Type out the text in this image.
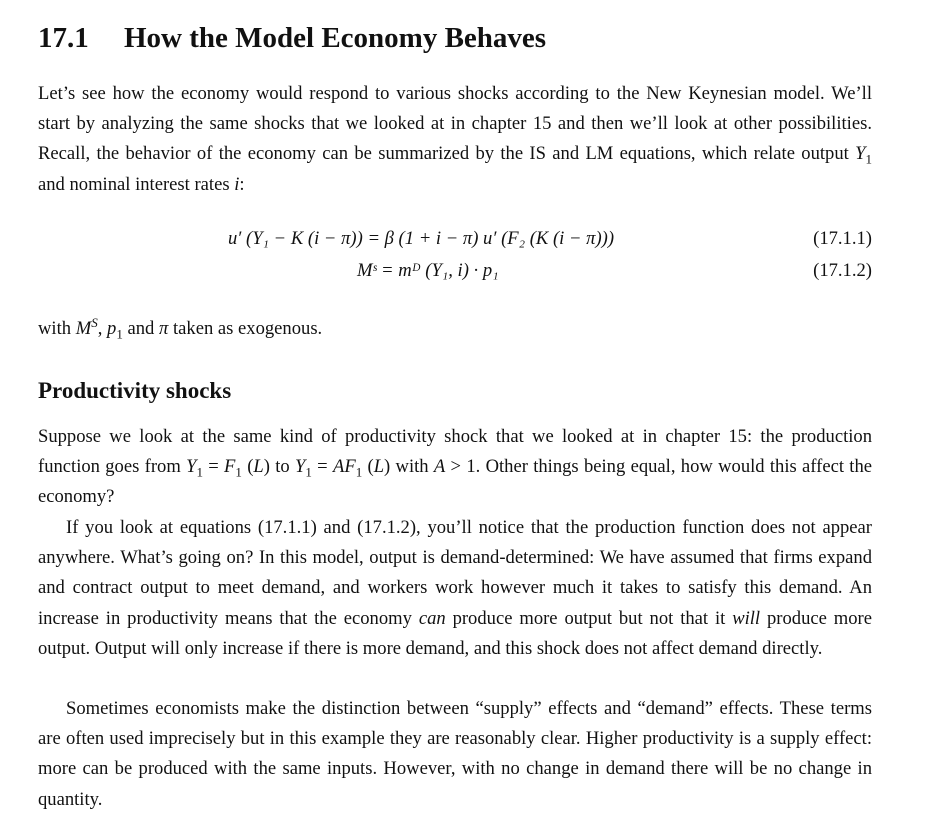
17.1 How the Model Economy Behaves

Let’s see how the economy would respond to various shocks according to the New Keynesian model. We’ll start by analyzing the same shocks that we looked at in chapter 15 and then we’ll look at other possibilities. Recall, the behavior of the economy can be summarized by the IS and LM equations, which relate output $Y_1$ and nominal interest rates i:

u′ (Y₁ − K (i − π)) = β (1 + i − π) u′ (F₂ (K (i − π)))	(17.1.1)
Mˢ = mᴰ (Y₁, i) · p₁	(17.1.2)

with $M^S$, $p_1$ and π taken as exogenous.

Productivity shocks

Suppose we look at the same kind of productivity shock that we looked at in chapter 15: the production function goes from $Y_1 = F_1$ (L) to $Y_1 = AF_1$ (L) with A > 1. Other things being equal, how would this affect the economy?

If you look at equations (17.1.1) and (17.1.2), you’ll notice that the production function does not appear anywhere. What’s going on? In this model, output is demand-determined: We have assumed that firms expand and contract output to meet demand, and workers work however much it takes to satisfy this demand. An increase in productivity means that the economy can produce more output but not that it will produce more output. Output will only increase if there is more demand, and this shock does not affect demand directly.

Sometimes economists make the distinction between “supply” effects and “demand” effects. These terms are often used imprecisely but in this example they are reasonably clear. Higher productivity is a supply effect: more can be produced with the same inputs. However, with no change in demand there will be no change in quantity.
